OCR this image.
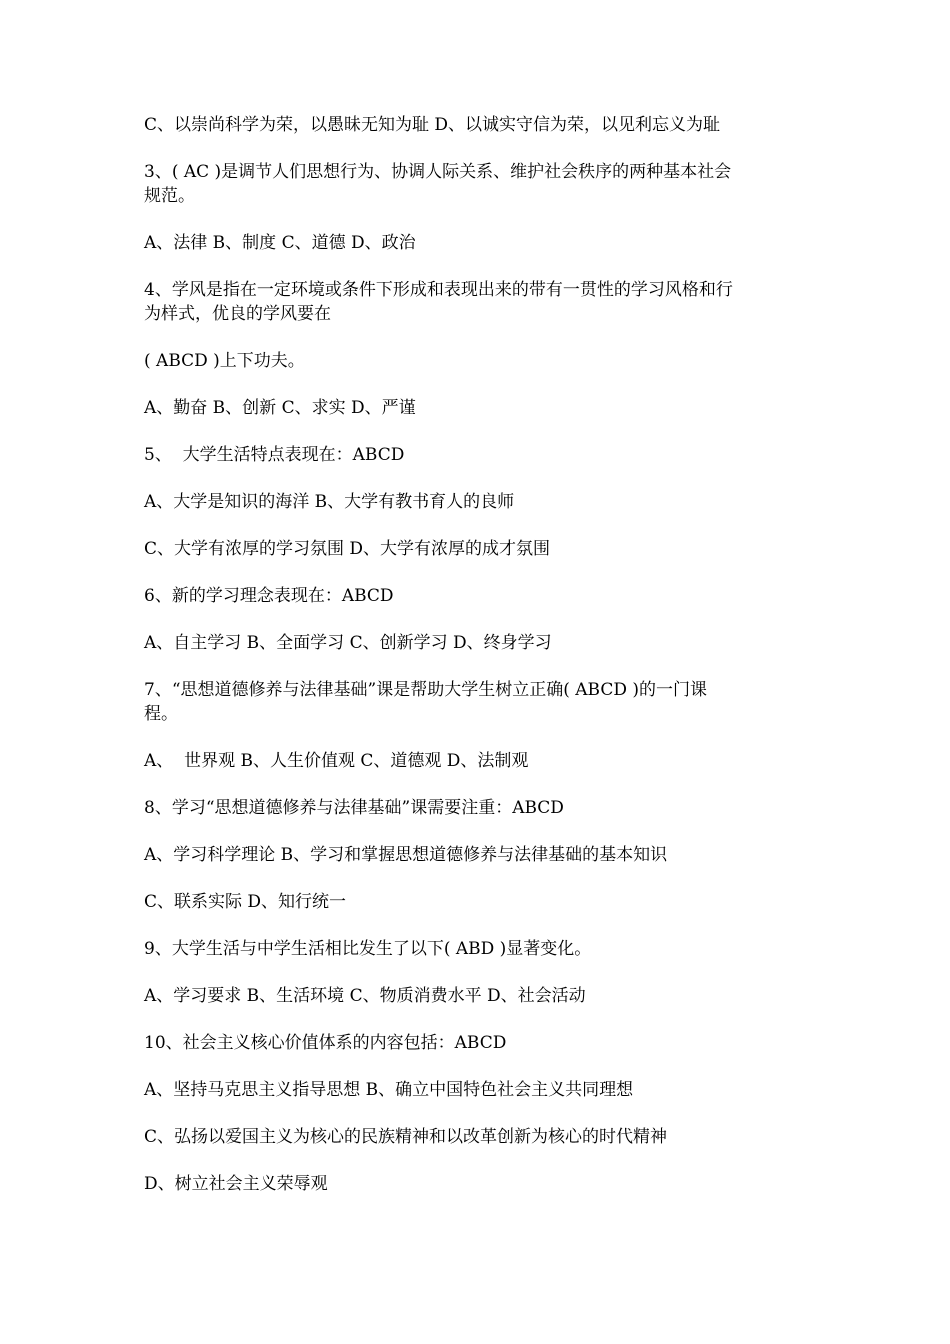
C、以崇尚科学为荣，以愚昧无知为耻 D、以诚实守信为荣，以见利忘义为耻

3、( AC )是调节人们思想行为、协调人际关系、维护社会秩序的两种基本社会

规范。

A、法律 B、制度 C、道德 D、政治

4、学风是指在一定环境或条件下形成和表现出来的带有一贯性的学习风格和行

为样式，优良的学风要在

( ABCD )上下功夫。

A、勤奋 B、创新 C、求实 D、严谨

5、  大学生活特点表现在：ABCD

A、大学是知识的海洋 B、大学有教书育人的良师

C、大学有浓厚的学习氛围 D、大学有浓厚的成才氛围

6、新的学习理念表现在：ABCD

A、自主学习 B、全面学习 C、创新学习 D、终身学习

7、“思想道德修养与法律基础”课是帮助大学生树立正确( ABCD )的一门课

程。

A、  世界观 B、人生价值观 C、道德观 D、法制观

8、学习“思想道德修养与法律基础”课需要注重：ABCD

A、学习科学理论 B、学习和掌握思想道德修养与法律基础的基本知识

C、联系实际 D、知行统一

9、大学生活与中学生活相比发生了以下( ABD )显著变化。

A、学习要求 B、生活环境 C、物质消费水平 D、社会活动

10、社会主义核心价值体系的内容包括：ABCD

A、坚持马克思主义指导思想 B、确立中国特色社会主义共同理想

C、弘扬以爱国主义为核心的民族精神和以改革创新为核心的时代精神

D、树立社会主义荣辱观
